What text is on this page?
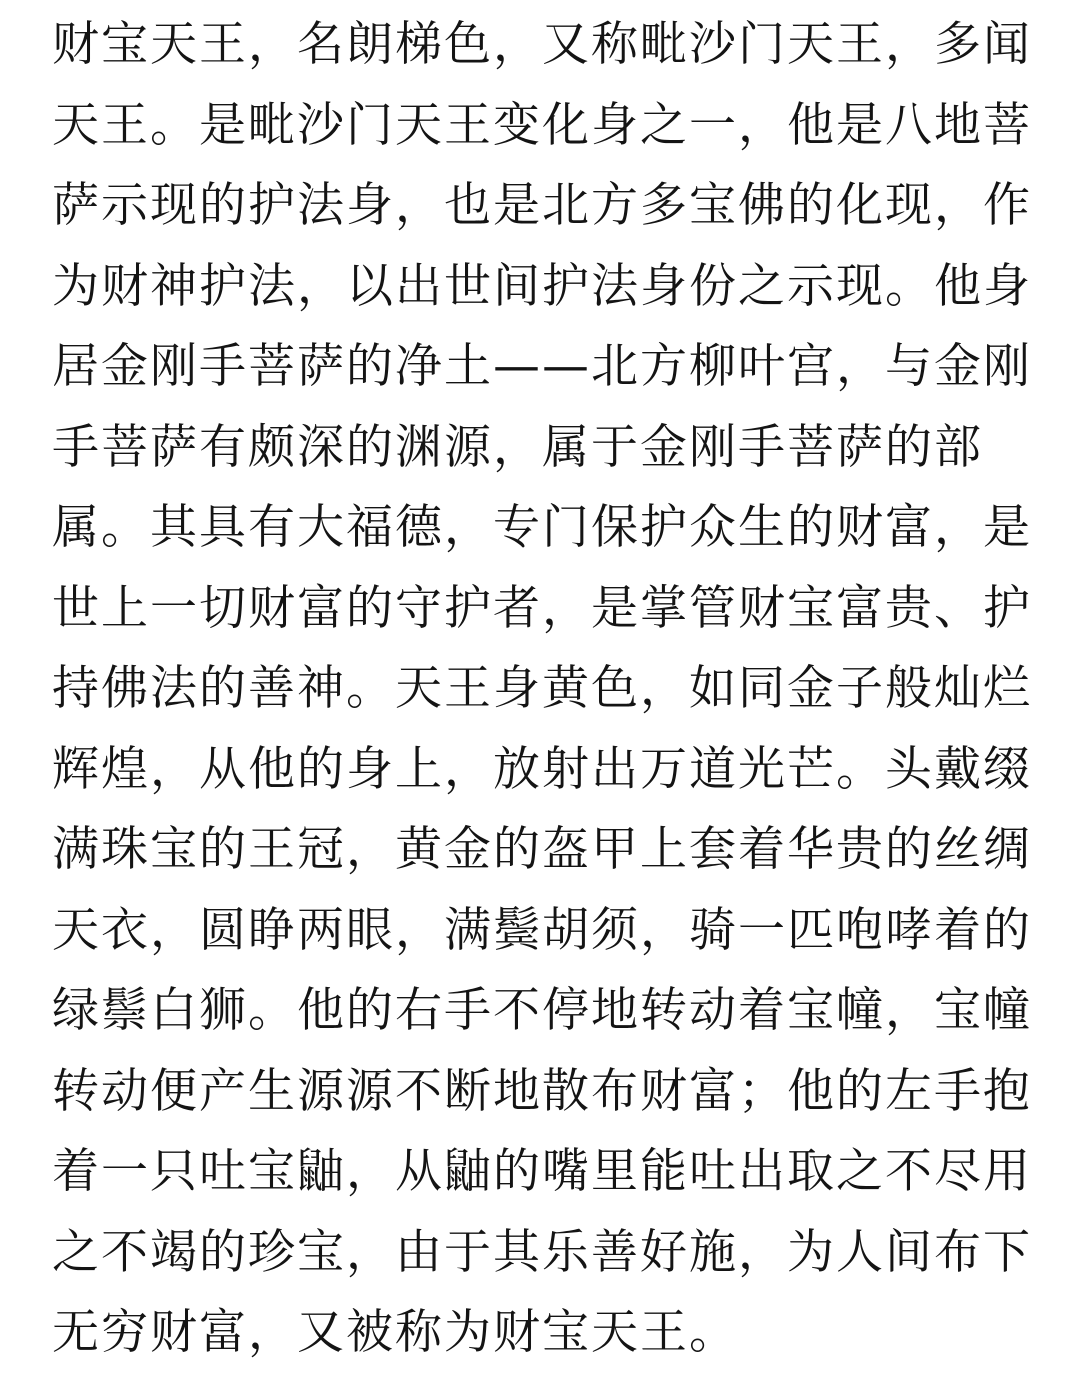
财宝天王，名朗梯色，又称毗沙门天王，多闻
天王。是毗沙门天王变化身之一，他是八地菩
萨示现的护法身，也是北方多宝佛的化现，作
为财神护法，以出世间护法身份之示现。他身
居金刚手菩萨的净土——北方柳叶宫，与金刚
手菩萨有颇深的渊源，属于金刚手菩萨的部
属。其具有大福德，专门保护众生的财富，是
世上一切财富的守护者，是掌管财宝富贵、护
持佛法的善神。天王身黄色，如同金子般灿烂
辉煌，从他的身上，放射出万道光芒。头戴缀
满珠宝的王冠，黄金的盔甲上套着华贵的丝绸
天衣，圆睁两眼，满鬓胡须，骑一匹咆哮着的
绿鬃白狮。他的右手不停地转动着宝幢，宝幢
转动便产生源源不断地散布财富；他的左手抱
着一只吐宝鼬，从鼬的嘴里能吐出取之不尽用
之不竭的珍宝，由于其乐善好施，为人间布下
无穷财富，又被称为财宝天王。
